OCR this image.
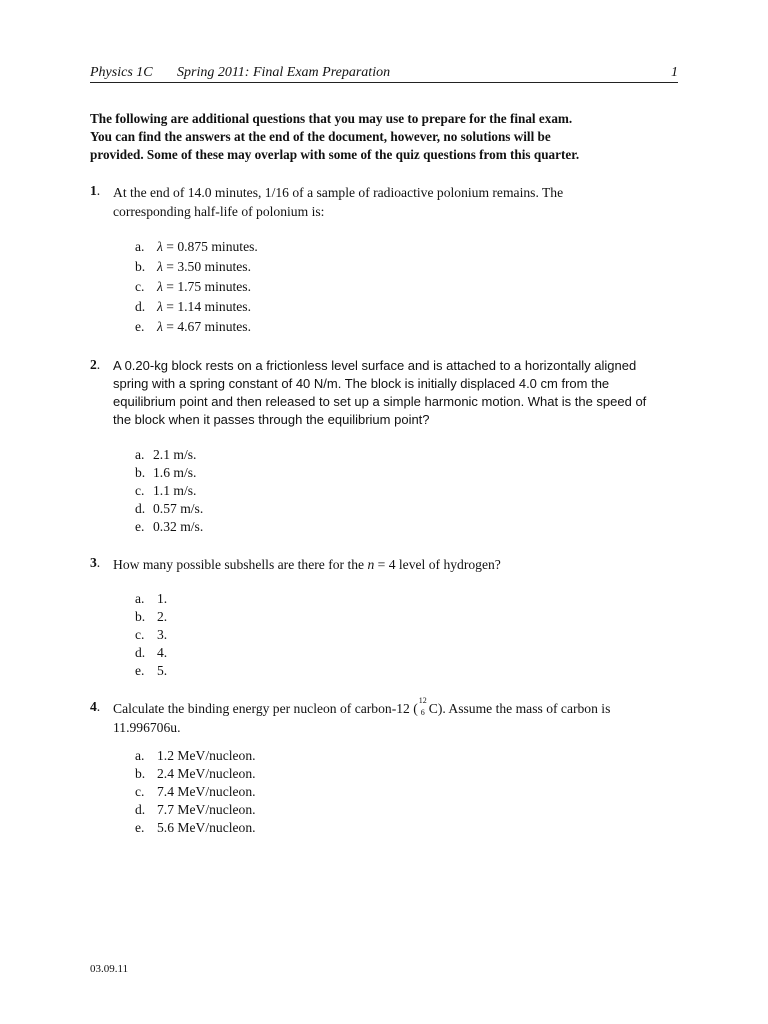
Physics 1C Spring 2011: Final Exam Preparation	1
The following are additional questions that you may use to prepare for the final exam.
You can find the answers at the end of the document, however, no solutions will be
provided. Some of these may overlap with some of the quiz questions from this quarter.
1. At the end of 14.0 minutes, 1/16 of a sample of radioactive polonium remains. The
corresponding half-life of polonium is:
a. λ = 0.875 minutes.
b. λ = 3.50 minutes.
c. λ = 1.75 minutes.
d. λ = 1.14 minutes.
e. λ = 4.67 minutes.
2. A 0.20-kg block rests on a frictionless level surface and is attached to a horizontally aligned
spring with a spring constant of 40 N/m. The block is initially displaced 4.0 cm from the
equilibrium point and then released to set up a simple harmonic motion. What is the speed of
the block when it passes through the equilibrium point?
a. 2.1 m/s.
b. 1.6 m/s.
c. 1.1 m/s.
d. 0.57 m/s.
e. 0.32 m/s.
3. How many possible subshells are there for the n = 4 level of hydrogen?
a. 1.
b. 2.
c. 3.
d. 4.
e. 5.
4. Calculate the binding energy per nucleon of carbon-12 (
12
6 C). Assume the mass of carbon is
11.996706u.
a. 1.2 MeV/nucleon.
b. 2.4 MeV/nucleon.
c. 7.4 MeV/nucleon.
d. 7.7 MeV/nucleon.
e. 5.6 MeV/nucleon.
03.09.11
